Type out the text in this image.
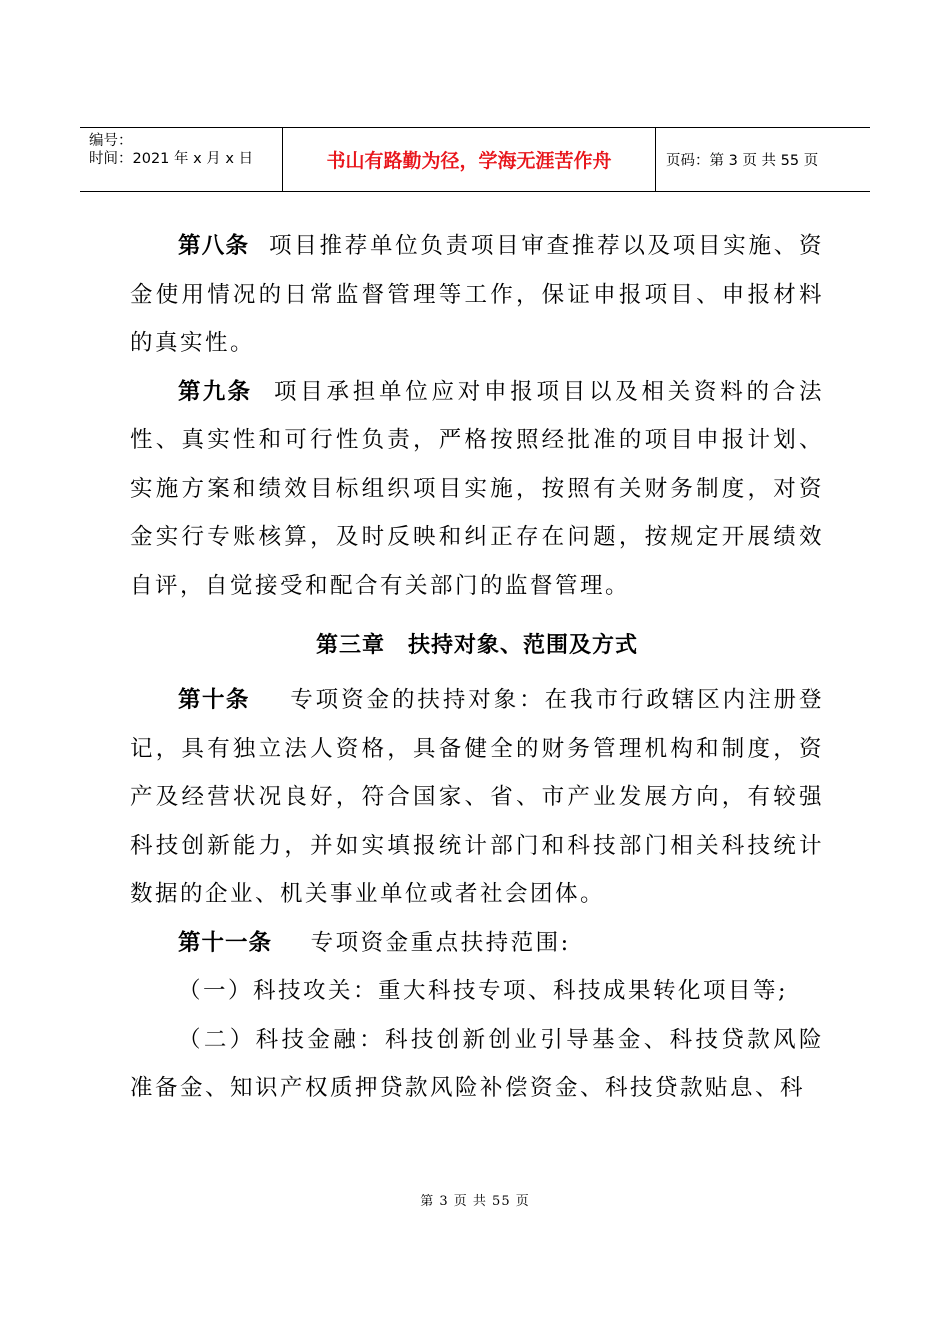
编号：
时间：2021 年 x 月 x 日	书山有路勤为径，学海无涯苦作舟	页码：第 3 页 共 55 页

第八条 项目推荐单位负责项目审查推荐以及项目实施、资金使用情况的日常监督管理等工作，保证申报项目、申报材料的真实性。

第九条 项目承担单位应对申报项目以及相关资料的合法性、真实性和可行性负责，严格按照经批准的项目申报计划、实施方案和绩效目标组织项目实施，按照有关财务制度，对资金实行专账核算，及时反映和纠正存在问题，按规定开展绩效自评，自觉接受和配合有关部门的监督管理。

第三章　扶持对象、范围及方式

第十条 专项资金的扶持对象：在我市行政辖区内注册登记，具有独立法人资格，具备健全的财务管理机构和制度，资产及经营状况良好，符合国家、省、市产业发展方向，有较强科技创新能力，并如实填报统计部门和科技部门相关科技统计数据的企业、机关事业单位或者社会团体。

第十一条 专项资金重点扶持范围:

（一）科技攻关：重大科技专项、科技成果转化项目等;

（二）科技金融：科技创新创业引导基金、科技贷款风险准备金、知识产权质押贷款风险补偿资金、科技贷款贴息、科

第 3 页 共 55 页
